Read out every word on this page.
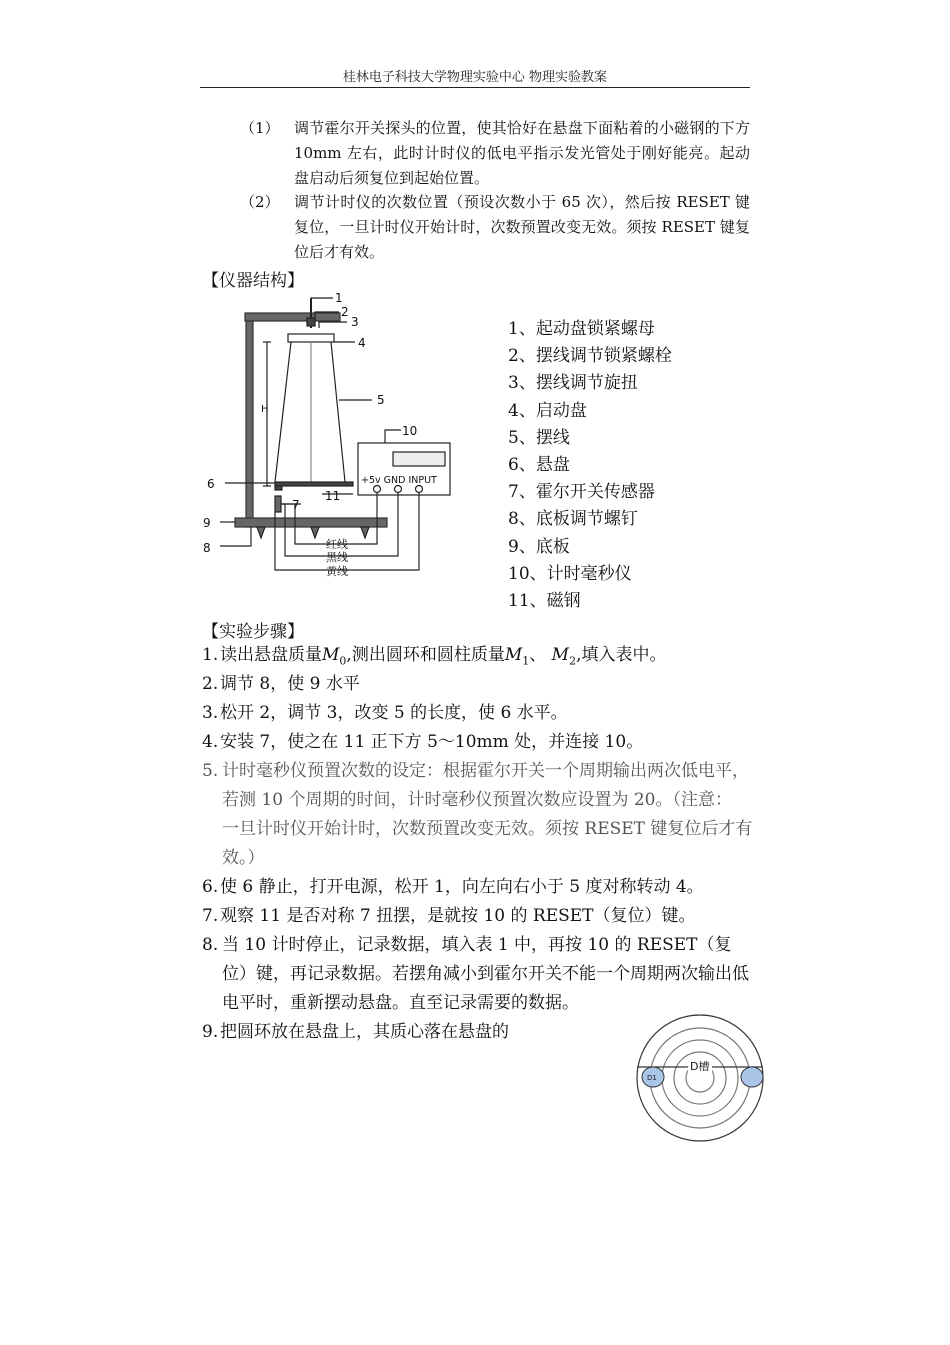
桂林电子科技大学物理实验中心 物理实验教案
（1） 调节霍尔开关探头的位置，使其恰好在悬盘下面粘着的小磁钢的下方 10mm 左右，此时计时仪的低电平指示发光管处于刚好能亮。起动盘启动后须复位到起始位置。
（2） 调节计时仪的次数位置（预设次数小于 65 次），然后按 RESET 键复位，一旦计时仪开始计时，次数预置改变无效。须按 RESET 键复位后才有效。
【仪器结构】
1
2
3
4
5
10
6
7
11
9
8
H
+5v GND INPUT
红线
黑线
黄线
1、起动盘锁紧螺母
2、摆线调节锁紧螺栓
3、摆线调节旋扭
4、启动盘
5、摆线
6、悬盘
7、霍尔开关传感器
8、底板调节螺钉
9、底板
10、计时毫秒仪
11、磁钢
【实验步骤】
1. 读出悬盘质量$M_0$,测出圆环和圆柱质量$M_1$、 $M_2$,填入表中。
2. 调节 8，使 9 水平
3. 松开 2，调节 3，改变 5 的长度，使 6 水平。
4. 安装 7，使之在 11 正下方 5～10mm 处，并连接 10。
5. 计时毫秒仪预置次数的设定：根据霍尔开关一个周期输出两次低电平，若测 10 个周期的时间，计时毫秒仪预置次数应设置为 20。（注意： 一旦计时仪开始计时，次数预置改变无效。须按 RESET 键复位后才有效。）
6. 使 6 静止，打开电源，松开 1，向左向右小于 5 度对称转动 4。
7. 观察 11 是否对称 7 扭摆，是就按 10 的 RESET（复位）键。
8. 当 10 计时停止，记录数据，填入表 1 中，再按 10 的 RESET（复位）键，再记录数据。若摆角减小到霍尔开关不能一个周期两次输出低电平时，重新摆动悬盘。直至记录需要的数据。
9. 把圆环放在悬盘上，其质心落在悬盘的
D1
D槽
